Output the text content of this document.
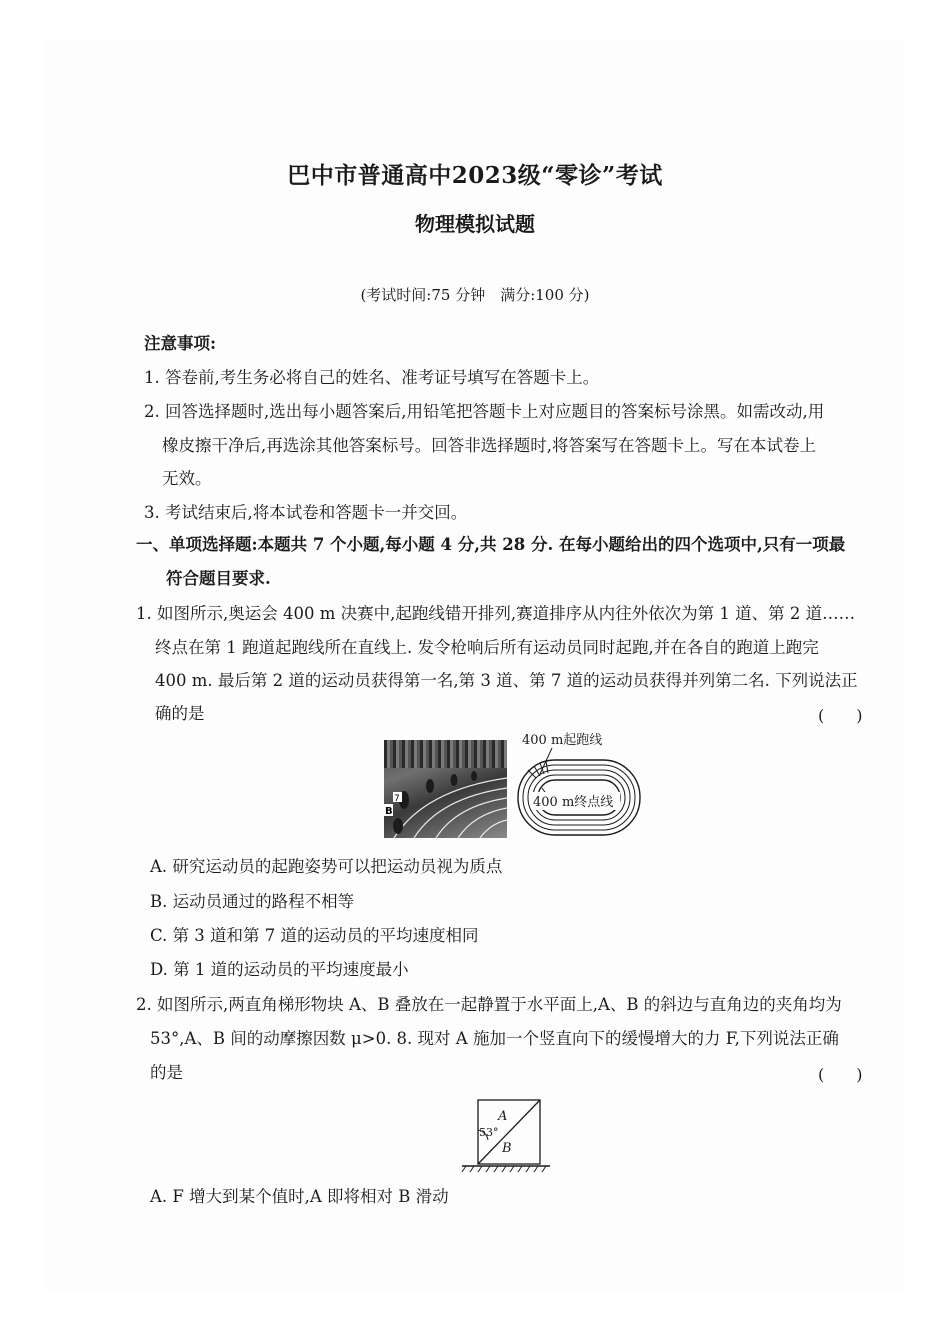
巴中市普通高中2023级“零诊”考试
物理模拟试题
(考试时间:75 分钟　满分:100 分)
注意事项:
1. 答卷前,考生务必将自己的姓名、准考证号填写在答题卡上。
2. 回答选择题时,选出每小题答案后,用铅笔把答题卡上对应题目的答案标号涂黑。如需改动,用
橡皮擦干净后,再选涂其他答案标号。回答非选择题时,将答案写在答题卡上。写在本试卷上
无效。
3. 考试结束后,将本试卷和答题卡一并交回。
一、单项选择题:本题共 7 个小题,每小题 4 分,共 28 分. 在每小题给出的四个选项中,只有一项最
符合题目要求.
1. 如图所示,奥运会 400 m 决赛中,起跑线错开排列,赛道排序从内往外依次为第 1 道、第 2 道……
终点在第 1 跑道起跑线所在直线上. 发令枪响后所有运动员同时起跑,并在各自的跑道上跑完
400 m. 最后第 2 道的运动员获得第一名,第 3 道、第 7 道的运动员获得并列第二名. 下列说法正
确的是	(　　)
7
B
400 m起跑线
400 m终点线
A. 研究运动员的起跑姿势可以把运动员视为质点
B. 运动员通过的路程不相等
C. 第 3 道和第 7 道的运动员的平均速度相同
D. 第 1 道的运动员的平均速度最小
2. 如图所示,两直角梯形物块 A、B 叠放在一起静置于水平面上,A、B 的斜边与直角边的夹角均为
53°,A、B 间的动摩擦因数 μ>0. 8. 现对 A 施加一个竖直向下的缓慢增大的力 F,下列说法正确
的是	(　　)
A
B
53°
A. F 增大到某个值时,A 即将相对 B 滑动
